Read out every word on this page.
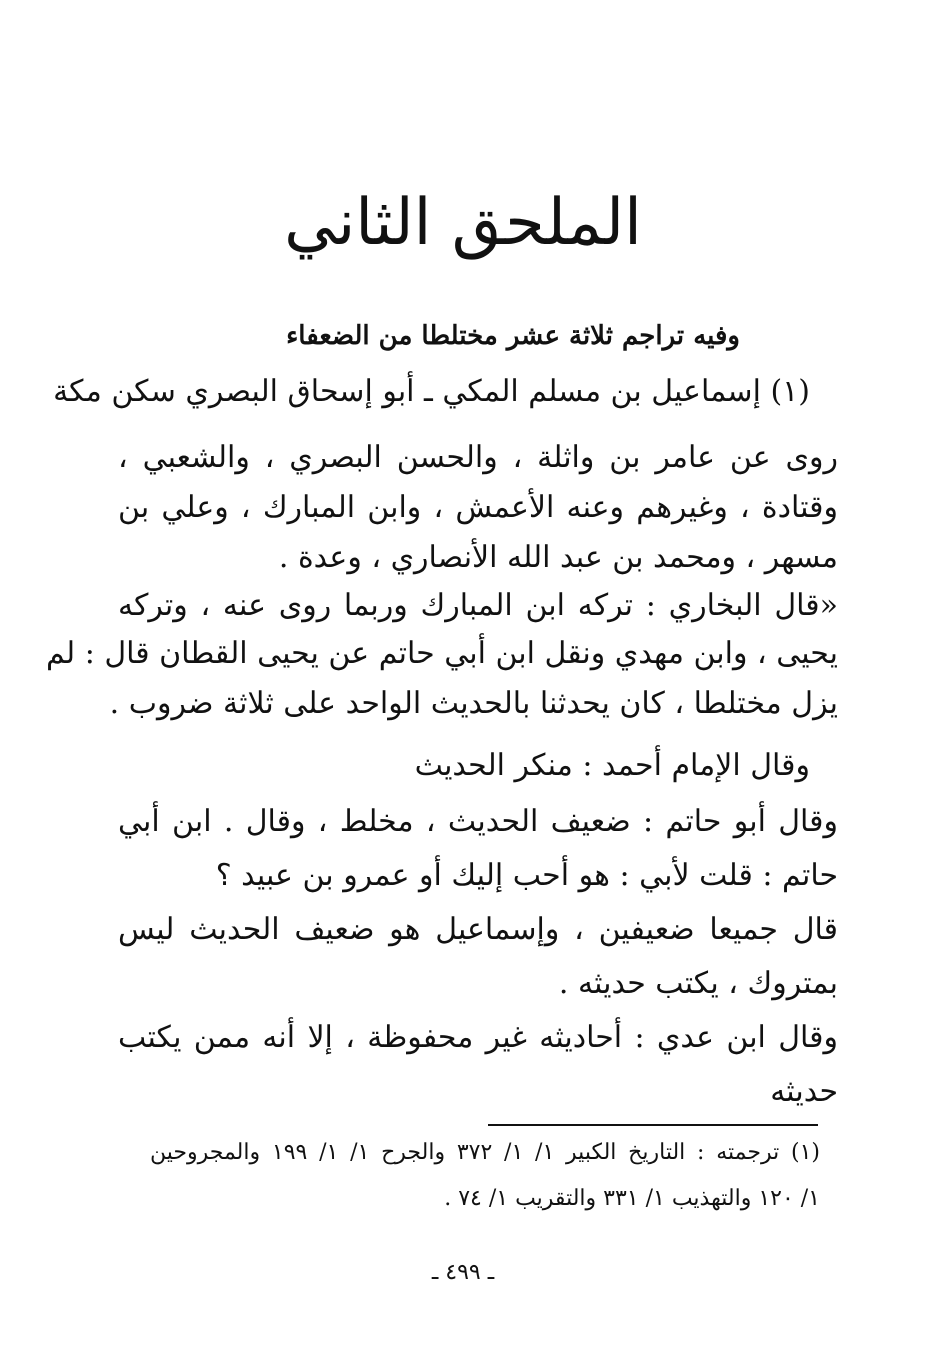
الملحق الثاني
وفيه تراجم ثلاثة عشر مختلطا من الضعفاء
(١) إسماعيل بن مسلم المكي ـ أبو إسحاق البصري سكن مكة
روى عن عامر بن واثلة ، والحسن البصري ، والشعبي ،
وقتادة ، وغيرهم وعنه الأعمش ، وابن المبارك ، وعلي بن
مسهر ، ومحمد بن عبد الله الأنصاري ، وعدة .
«قال البخاري : تركه ابن المبارك وربما روى عنه ، وتركه
يحيى ، وابن مهدي ونقل ابن أبي حاتم عن يحيى القطان قال : لم
يزل مختلطا ، كان يحدثنا بالحديث الواحد على ثلاثة ضروب .
وقال الإمام أحمد : منكر الحديث
وقال أبو حاتم : ضعيف الحديث ، مخلط ، وقال . ابن أبي
حاتم : قلت لأبي : هو أحب إليك أو عمرو بن عبيد ؟
قال جميعا ضعيفين ، وإسماعيل هو ضعيف الحديث ليس
بمتروك ، يكتب حديثه .
وقال ابن عدي : أحاديثه غير محفوظة ، إلا أنه ممن يكتب
حديثه
(١) ترجمته : التاريخ الكبير ١/ ١/ ٣٧٢ والجرح ١/ ١/ ١٩٩ والمجروحين
١/ ١٢٠ والتهذيب ١/ ٣٣١ والتقريب ١/ ٧٤ .
ـ ٤٩٩ ـ
